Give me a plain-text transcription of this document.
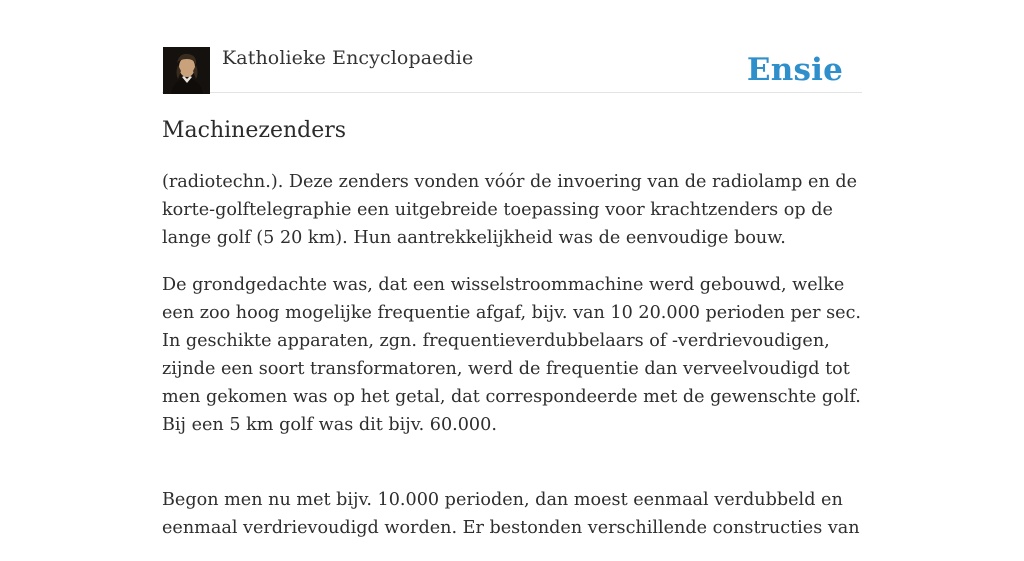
Katholieke Encyclopaedie	Ensie
Machinezenders

(radiotechn.). Deze zenders vonden vóór de invoering van de radiolamp en de korte-golftelegraphie een uitgebreide toepassing voor krachtzenders op de lange golf (5 20 km). Hun aantrekkelijkheid was de eenvoudige bouw.

De grondgedachte was, dat een wisselstroommachine werd gebouwd, welke een zoo hoog mogelijke frequentie afgaf, bijv. van 10 20.000 perioden per sec. In geschikte apparaten, zgn. frequentieverdubbelaars of -verdrievoudigen, zijnde een soort transformatoren, werd de frequentie dan verveelvoudigd tot men gekomen was op het getal, dat correspondeerde met de gewenschte golf. Bij een 5 km golf was dit bijv. 60.000.

Begon men nu met bijv. 10.000 perioden, dan moest eenmaal verdubbeld en eenmaal verdrievoudigd worden. Er bestonden verschillende constructies van
